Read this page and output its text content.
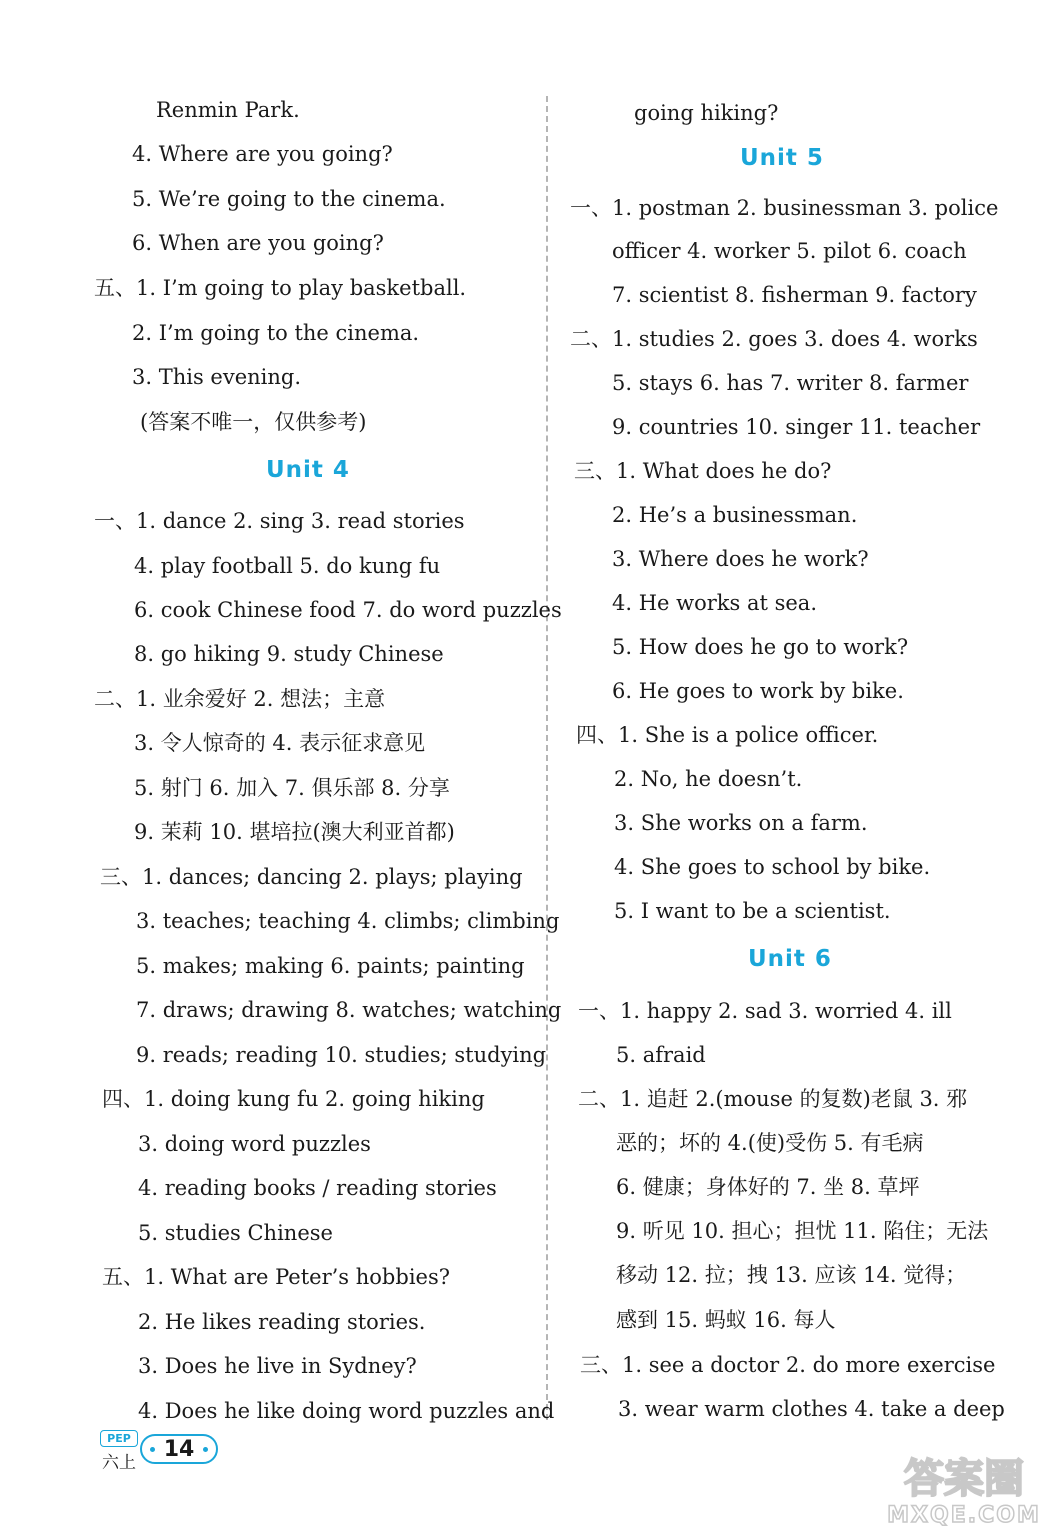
Renmin Park.
4. Where are you going?
5. We’re going to the cinema.
6. When are you going?
五、1. I’m going to play basketball.
2. I’m going to the cinema.
3. This evening.
(答案不唯一，仅供参考)
Unit 4
一、1. dance 2. sing 3. read stories
4. play football 5. do kung fu
6. cook Chinese food 7. do word puzzles
8. go hiking 9. study Chinese
二、1. 业余爱好 2. 想法；主意
3. 令人惊奇的 4. 表示征求意见
5. 射门 6. 加入 7. 俱乐部 8. 分享
9. 茉莉 10. 堪培拉(澳大利亚首都)
三、1. dances; dancing 2. plays; playing
3. teaches; teaching 4. climbs; climbing
5. makes; making 6. paints; painting
7. draws; drawing 8. watches; watching
9. reads; reading 10. studies; studying
四、1. doing kung fu 2. going hiking
3. doing word puzzles
4. reading books / reading stories
5. studies Chinese
五、1. What are Peter’s hobbies?
2. He likes reading stories.
3. Does he live in Sydney?
4. Does he like doing word puzzles and
going hiking?
Unit 5
一、1. postman 2. businessman 3. police
officer 4. worker 5. pilot 6. coach
7. scientist 8. fisherman 9. factory
二、1. studies 2. goes 3. does 4. works
5. stays 6. has 7. writer 8. farmer
9. countries 10. singer 11. teacher
三、1. What does he do?
2. He’s a businessman.
3. Where does he work?
4. He works at sea.
5. How does he go to work?
6. He goes to work by bike.
四、1. She is a police officer.
2. No, he doesn’t.
3. She works on a farm.
4. She goes to school by bike.
5. I want to be a scientist.
Unit 6
一、1. happy 2. sad 3. worried 4. ill
5. afraid
二、1. 追赶 2.(mouse 的复数)老鼠 3. 邪
恶的；坏的 4.(使)受伤 5. 有毛病
6. 健康；身体好的 7. 坐 8. 草坪
9. 听见 10. 担心；担忧 11. 陷住；无法
移动 12. 拉；拽 13. 应该 14. 觉得；
感到 15. 蚂蚁 16. 每人
三、1. see a doctor 2. do more exercise
3. wear warm clothes 4. take a deep
PEP
六上
14
答案圈
MXQE.COM
